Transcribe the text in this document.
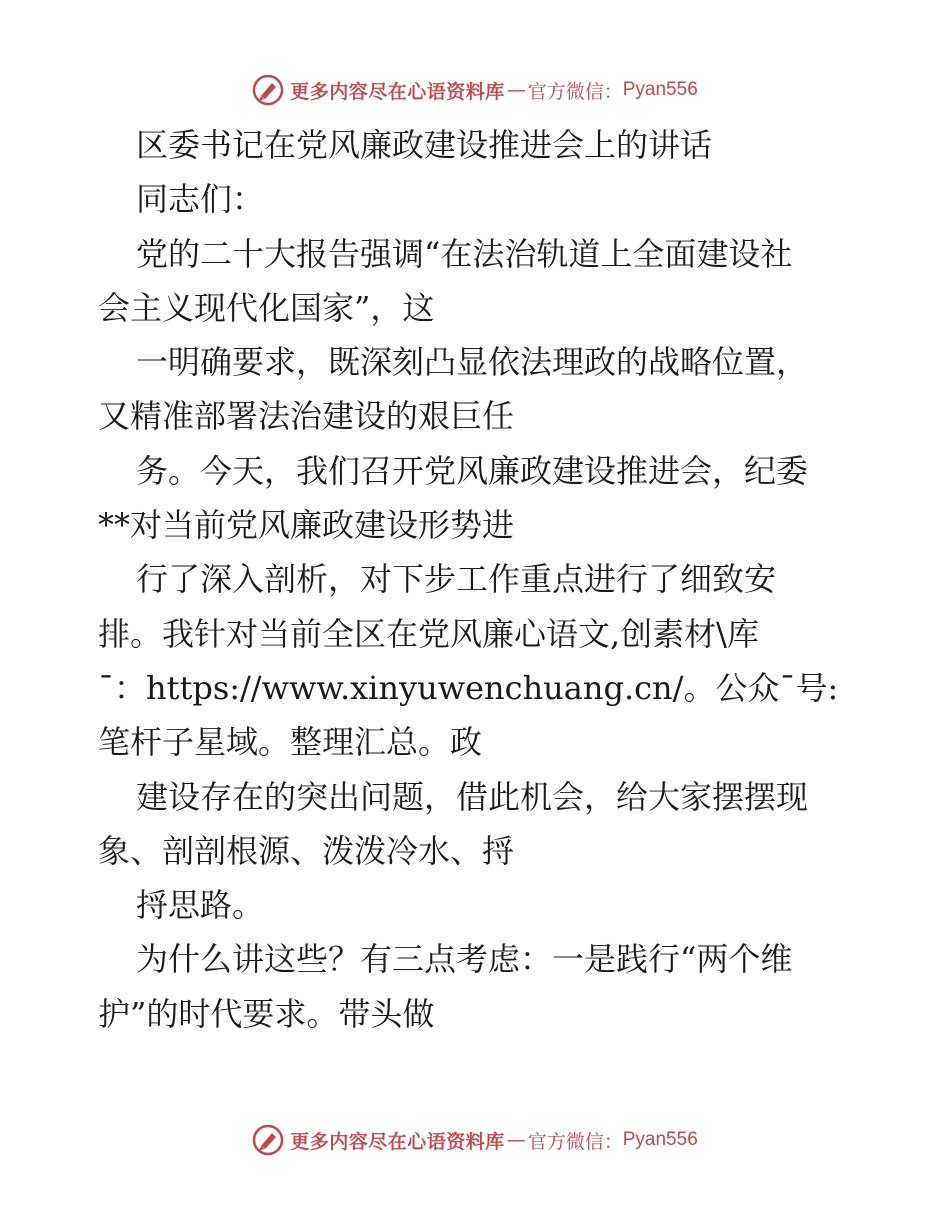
更多内容尽在心语资料库 — 官方微信： Pyan556
区委书记在党风廉政建设推进会上的讲话
同志们：
党的二十大报告强调“在法治轨道上全面建设社
会主义现代化国家”，这
一明确要求，既深刻凸显依法理政的战略位置，
又精准部署法治建设的艰巨任
务。今天，我们召开党风廉政建设推进会，纪委
**对当前党风廉政建设形势进
行了深入剖析，对下步工作重点进行了细致安
排。我针对当前全区在党风廉心语文,创素材\库
¯：https://www.xinyuwenchuang.cn/。公众¯号:
笔杆子星域。整理汇总。政
建设存在的突出问题，借此机会，给大家摆摆现
象、剖剖根源、泼泼冷水、捋
捋思路。
为什么讲这些？有三点考虑：一是践行“两个维
护”的时代要求。带头做
更多内容尽在心语资料库 — 官方微信： Pyan556
